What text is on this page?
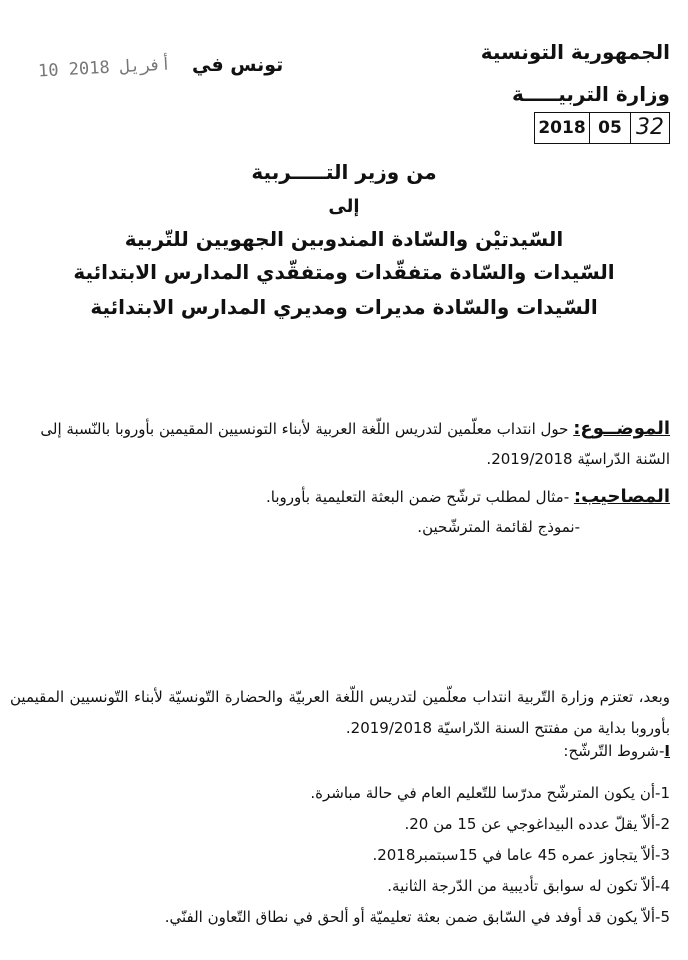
الجمهورية التونسية
وزارة التربيـــــة
32
05
2018
تونس في
10 أفريل 2018
من وزير التـــــربية
إلى
السّيدتيْن والسّادة المندوبين الجهويين للتّربية
السّيدات والسّادة متفقّدات ومتفقّدي المدارس الابتدائية
السّيدات والسّادة مديرات ومديري المدارس الابتدائية
الموضــوع: حول انتداب معلّمين لتدريس اللّغة العربية لأبناء التونسيين المقيمين بأوروبا بالنّسبة إلى السّنة الدّراسيّة 2019/2018.
المصاحيب: -مثال لمطلب ترشّح ضمن البعثة التعليمية بأوروبا.
-نموذج لقائمة المترشّحين.
وبعد، تعتزم وزارة التّربية انتداب معلّمين لتدريس اللّغة العربيّة والحضارة التّونسيّة لأبناء التّونسيين المقيمين بأوروبا بداية من مفتتح السنة الدّراسيّة 2019/2018.
I-شروط التّرشّح:
1-أن يكون المترشّح مدرّسا للتّعليم العام في حالة مباشرة.
2-ألاّ يقلّ عدده البيداغوجي عن 15 من 20.
3-ألاّ يتجاوز عمره 45 عاما في 15سبتمبر2018.
4-ألاّ تكون له سوابق تأديبية من الدّرجة الثانية.
5-ألاّ يكون قد أوفد في السّابق ضمن بعثة تعليميّة أو ألحق في نطاق التّعاون الفنّي.
